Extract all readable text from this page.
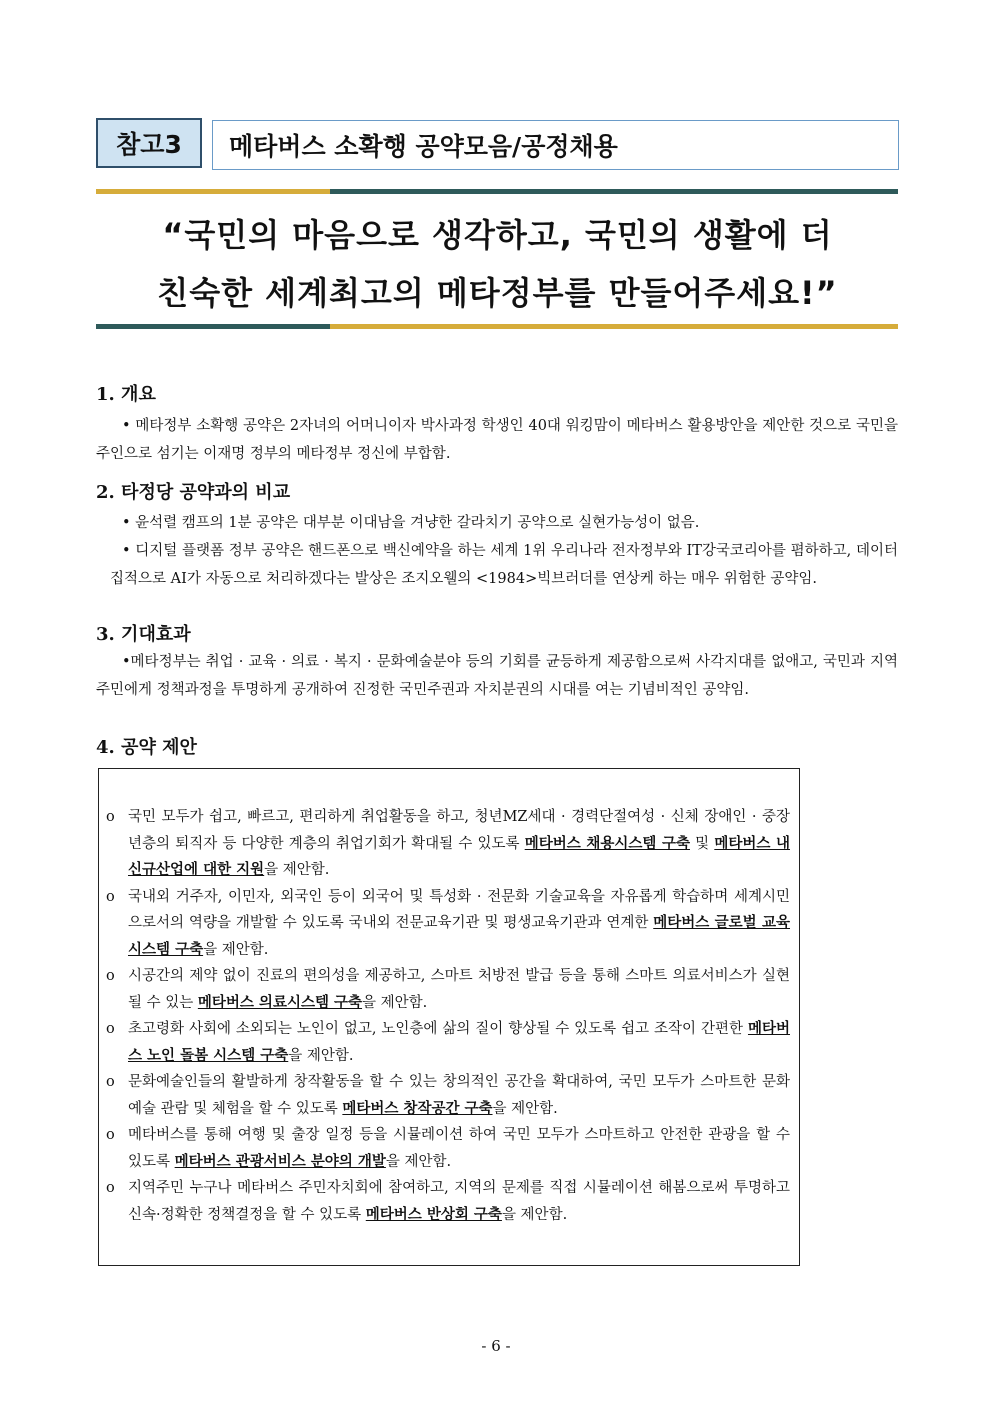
참고3	메타버스 소확행 공약모음/공정채용
“국민의 마음으로 생각하고, 국민의 생활에 더
친숙한 세계최고의 메타정부를 만들어주세요!”
1. 개요
• 메타정부 소확행 공약은 2자녀의 어머니이자 박사과정 학생인 40대 워킹맘이 메타버스 활용방안을 제안한 것으로 국민을 주인으로 섬기는 이재명 정부의 메타정부 정신에 부합함.
2. 타정당 공약과의 비교
• 윤석렬 캠프의 1분 공약은 대부분 이대남을 겨냥한 갈라치기 공약으로 실현가능성이 없음.
• 디지털 플랫폼 정부 공약은 핸드폰으로 백신예약을 하는 세계 1위 우리나라 전자정부와 IT강국코리아를 폄하하고, 데이터 집적으로 AI가 자동으로 처리하겠다는 발상은 조지오웰의 <1984>빅브러더를 연상케 하는 매우 위험한 공약임.
3. 기대효과
•메타정부는 취업 · 교육 · 의료 · 복지 · 문화예술분야 등의 기회를 균등하게 제공함으로써 사각지대를 없애고, 국민과 지역주민에게 정책과정을 투명하게 공개하여 진정한 국민주권과 자치분권의 시대를 여는 기념비적인 공약임.
4. 공약 제안
o 국민 모두가 쉽고, 빠르고, 편리하게 취업활동을 하고, 청년MZ세대 · 경력단절여성 · 신체 장애인 · 중장년층의 퇴직자 등 다양한 계층의 취업기회가 확대될 수 있도록 메타버스 채용시스템 구축 및 메타버스 내 신규산업에 대한 지원을 제안함.
o 국내외 거주자, 이민자, 외국인 등이 외국어 및 특성화 · 전문화 기술교육을 자유롭게 학습하며 세계시민으로서의 역량을 개발할 수 있도록 국내외 전문교육기관 및 평생교육기관과 연계한 메타버스 글로벌 교육시스템 구축을 제안함.
o 시공간의 제약 없이 진료의 편의성을 제공하고, 스마트 처방전 발급 등을 통해 스마트 의료서비스가 실현될 수 있는 메타버스 의료시스템 구축을 제안함.
o 초고령화 사회에 소외되는 노인이 없고, 노인층에 삶의 질이 향상될 수 있도록 쉽고 조작이 간편한 메타버스 노인 돌봄 시스템 구축을 제안함.
o 문화예술인들의 활발하게 창작활동을 할 수 있는 창의적인 공간을 확대하여, 국민 모두가 스마트한 문화예술 관람 및 체험을 할 수 있도록 메타버스 창작공간 구축을 제안함.
o 메타버스를 통해 여행 및 출장 일정 등을 시뮬레이션 하여 국민 모두가 스마트하고 안전한 관광을 할 수 있도록 메타버스 관광서비스 분야의 개발을 제안함.
o 지역주민 누구나 메타버스 주민자치회에 참여하고, 지역의 문제를 직접 시뮬레이션 해봄으로써 투명하고 신속·정확한 정책결정을 할 수 있도록 메타버스 반상회 구축을 제안함.
- 6 -
